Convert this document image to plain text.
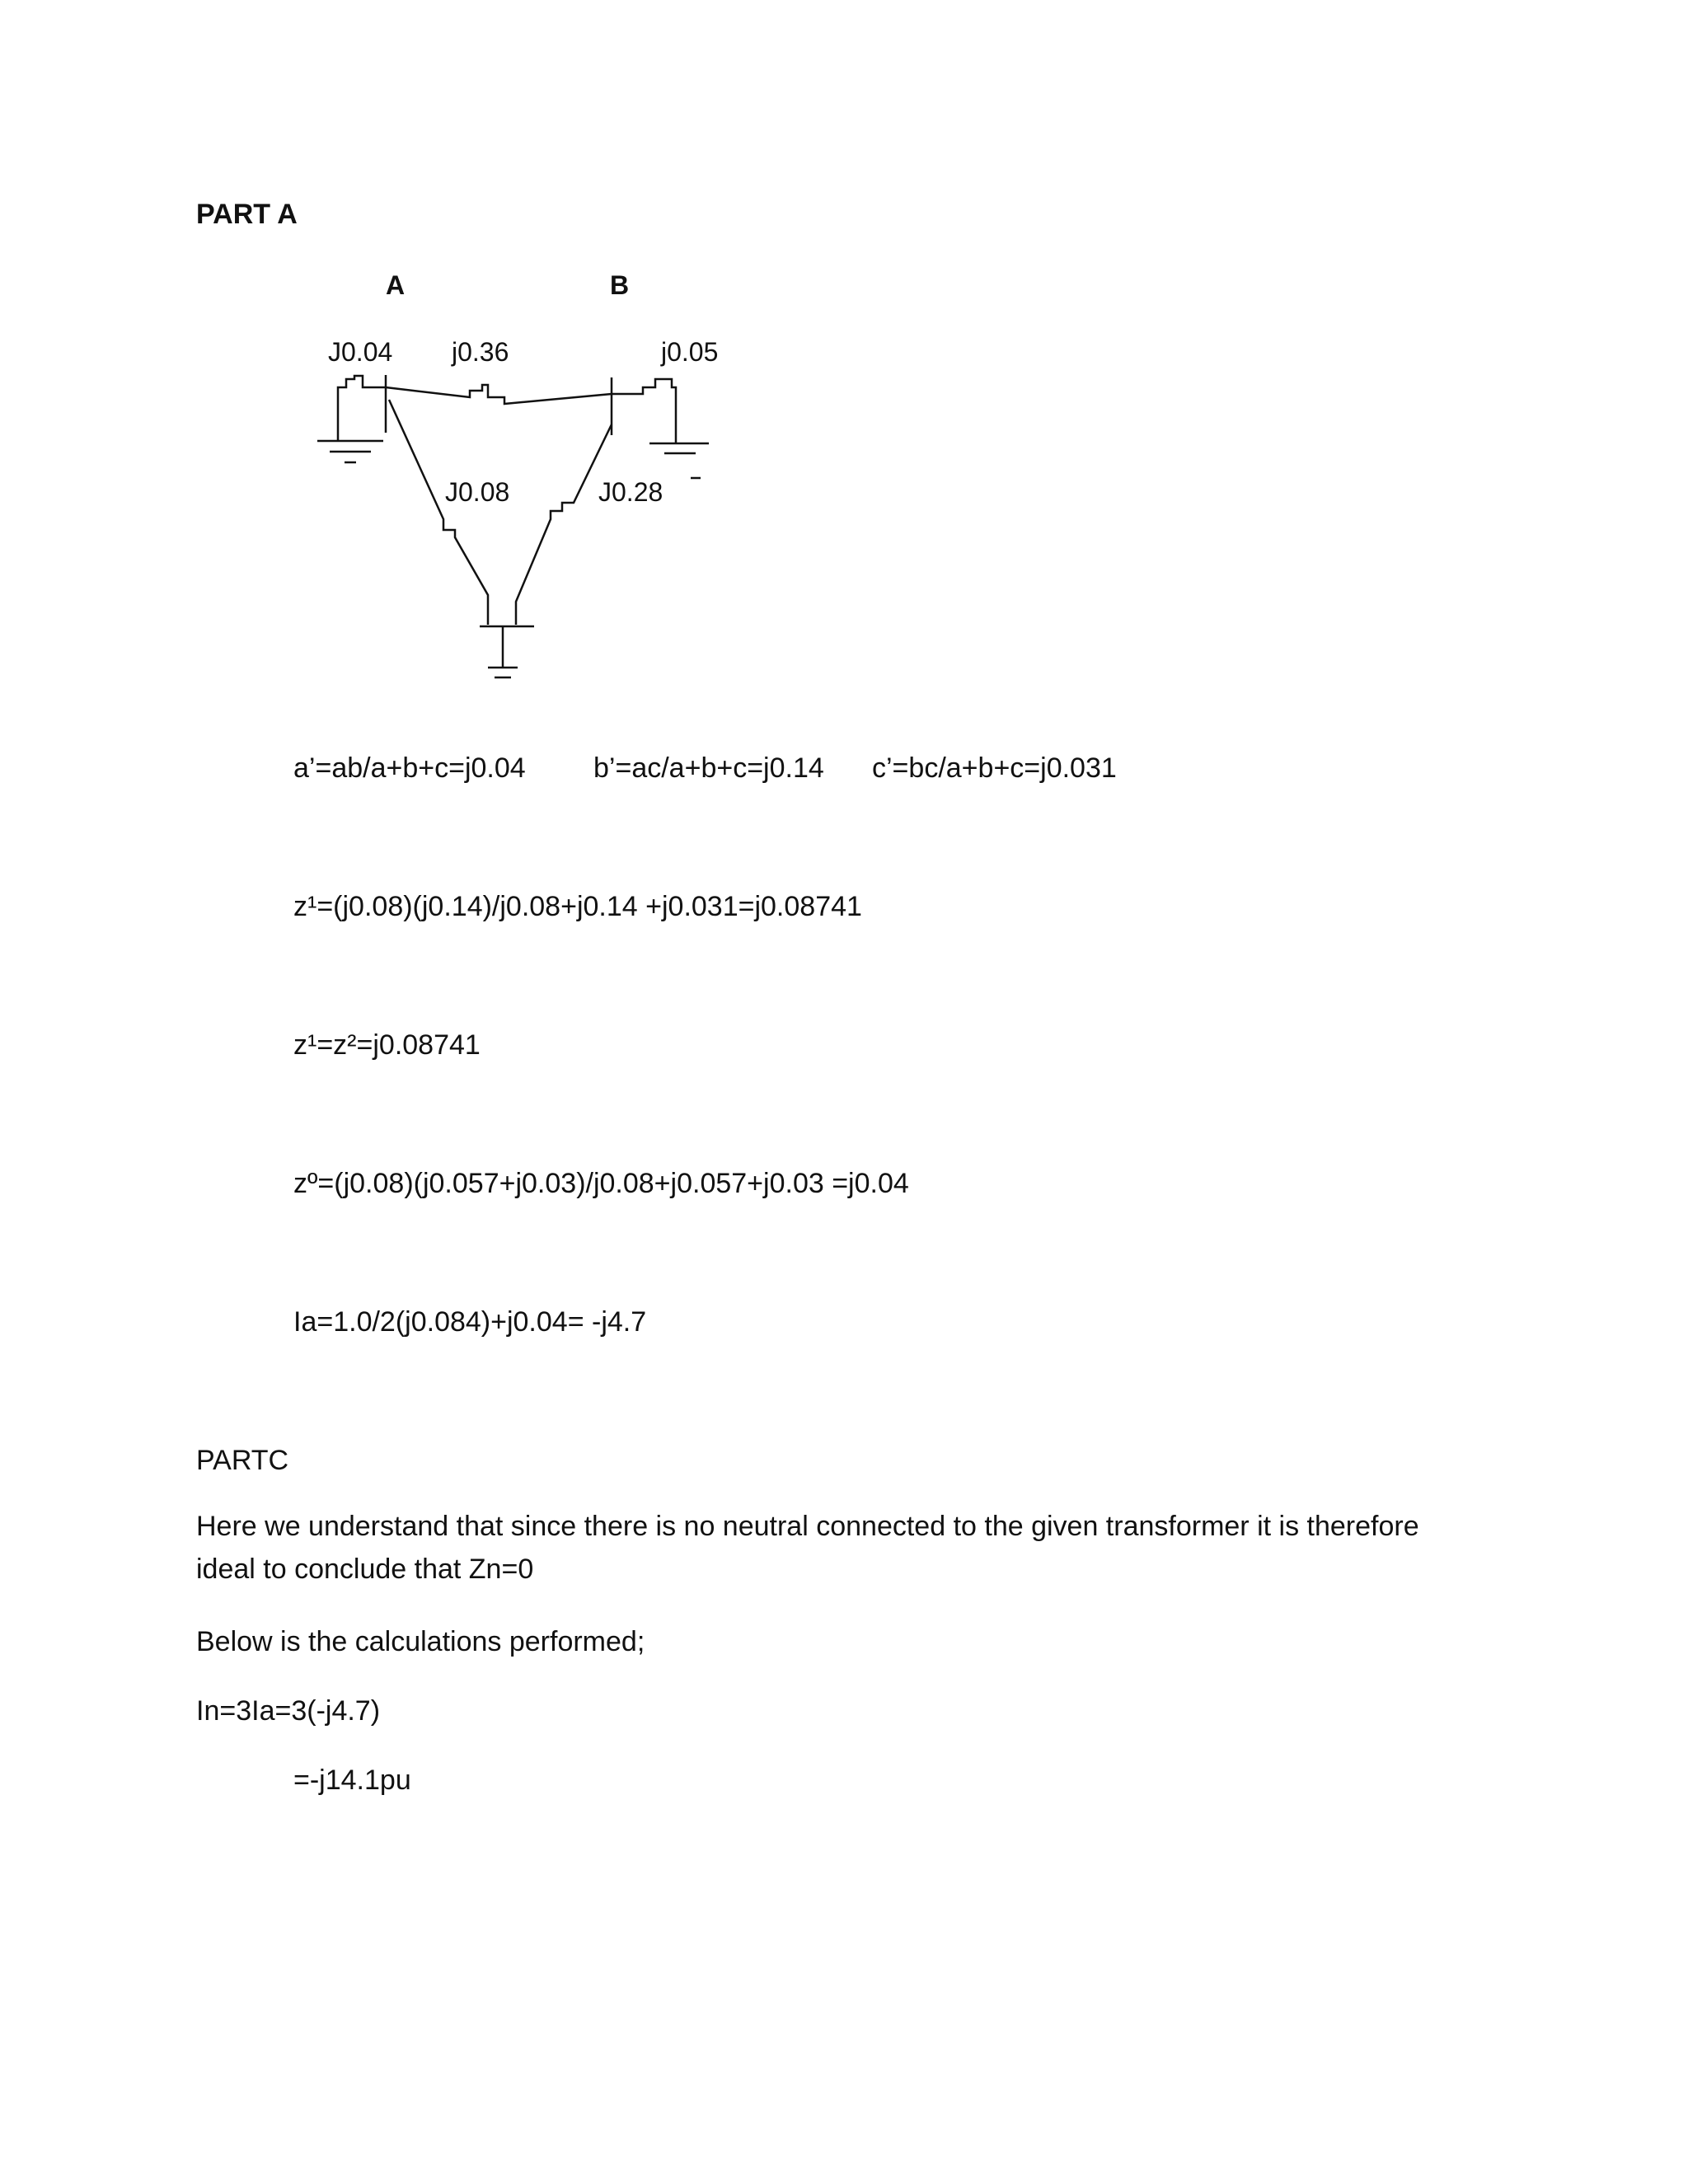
PART A
A	B
J0.04 j0.36	j0.05
J0.08	J0.28
a’=ab/a+b+c=j0.04 b’=ac/a+b+c=j0.14 c’=bc/a+b+c=j0.031
z¹=(j0.08)(j0.14)/j0.08+j0.14 +j0.031=j0.08741
z¹=z²=j0.08741
zº=(j0.08)(j0.057+j0.03)/j0.08+j0.057+j0.03 =j0.04
Ia=1.0/2(j0.084)+j0.04= -j4.7
PARTC
Here we understand that since there is no neutral connected to the given transformer it is therefore ideal to conclude that Zn=0
Below is the calculations performed;
In=3Ia=3(-j4.7)
=-j14.1pu
